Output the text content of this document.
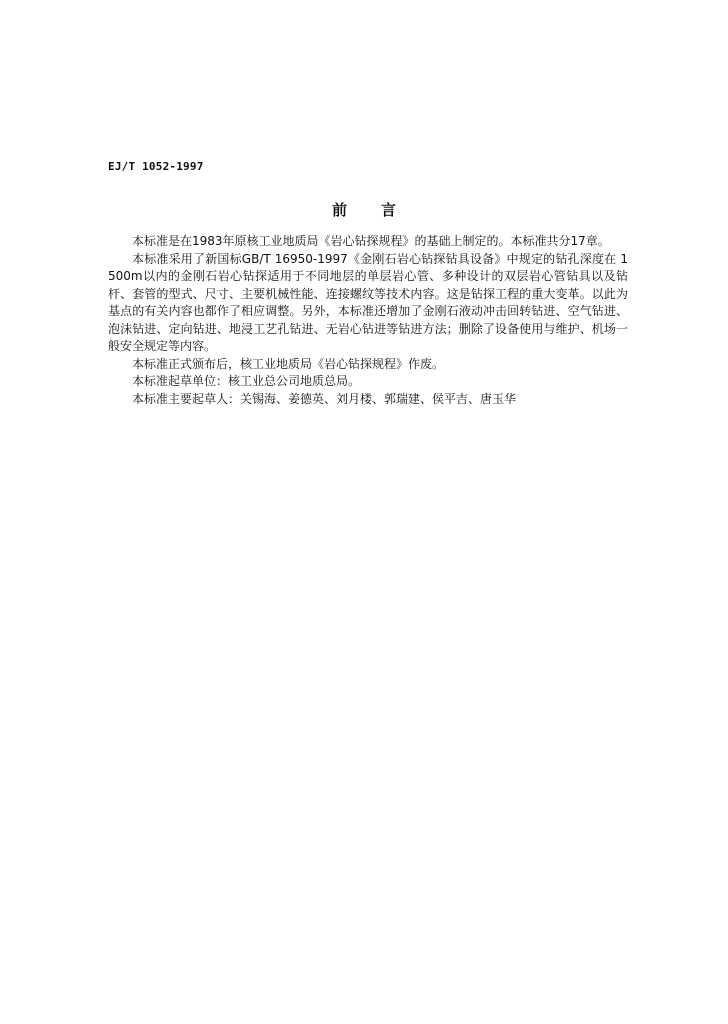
EJ/T 1052-1997
前 言

本标准是在1983年原核工业地质局《岩心钻探规程》的基础上制定的。本标准共分17章。

本标准采用了新国标GB/T 16950-1997《金刚石岩心钻探钻具设备》中规定的钻孔深度在 1500m以内的金刚石岩心钻探适用于不同地层的单层岩心管、多种设计的双层岩心管钻具以及钻杆、套管的型式、尺寸、主要机械性能、连接螺纹等技术内容。这是钻探工程的重大变革。以此为基点的有关内容也都作了相应调整。另外，本标准还增加了金刚石液动冲击回转钻进、空气钻进、泡沫钻进、定向钻进、地浸工艺孔钻进、无岩心钻进等钻进方法；删除了设备使用与维护、机场一般安全规定等内容。

本标准正式颁布后，核工业地质局《岩心钻探规程》作废。

本标准起草单位：核工业总公司地质总局。

本标准主要起草人：关锡海、姜德英、刘月楼、郭瑞建、侯平吉、唐玉华
